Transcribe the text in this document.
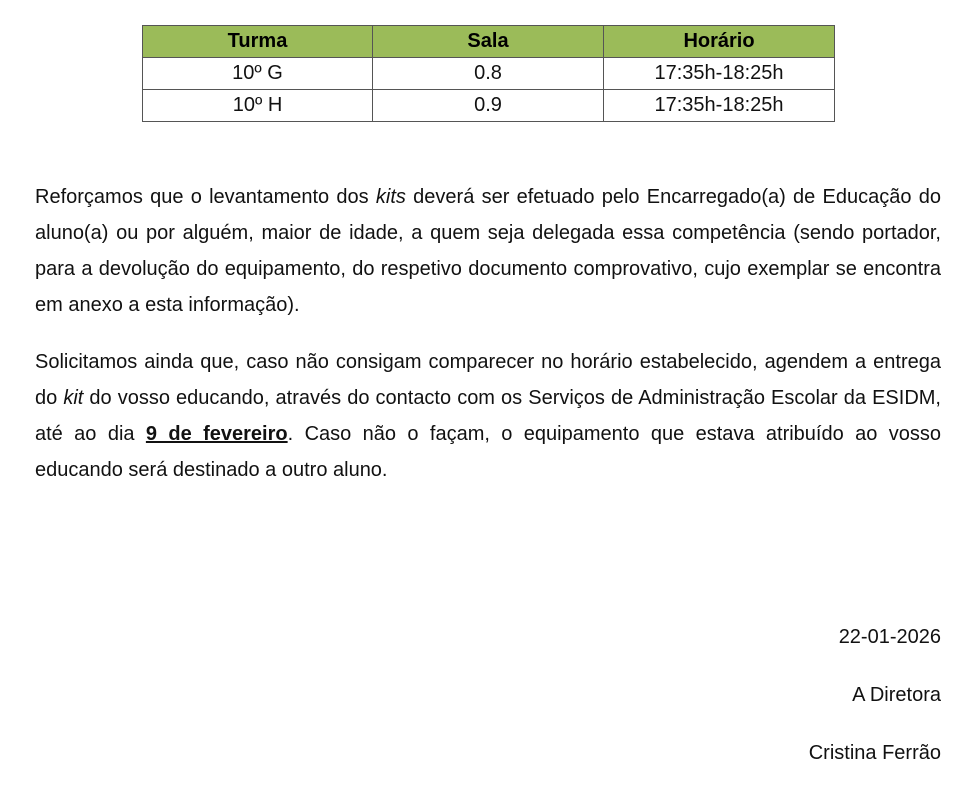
Turma	Sala	Horário
10º G	0.8	17:35h-18:25h
10º H	0.9	17:35h-18:25h

Reforçamos que o levantamento dos kits deverá ser efetuado pelo Encarregado(a) de Educação do aluno(a) ou por alguém, maior de idade, a quem seja delegada essa competência (sendo portador, para a devolução do equipamento, do respetivo documento comprovativo, cujo exemplar se encontra em anexo a esta informação).

Solicitamos ainda que, caso não consigam comparecer no horário estabelecido, agendem a entrega do kit do vosso educando, através do contacto com os Serviços de Administração Escolar da ESIDM, até ao dia 9 de fevereiro. Caso não o façam, o equipamento que estava atribuído ao vosso educando será destinado a outro aluno.

22-01-2026

A Diretora

Cristina Ferrão
